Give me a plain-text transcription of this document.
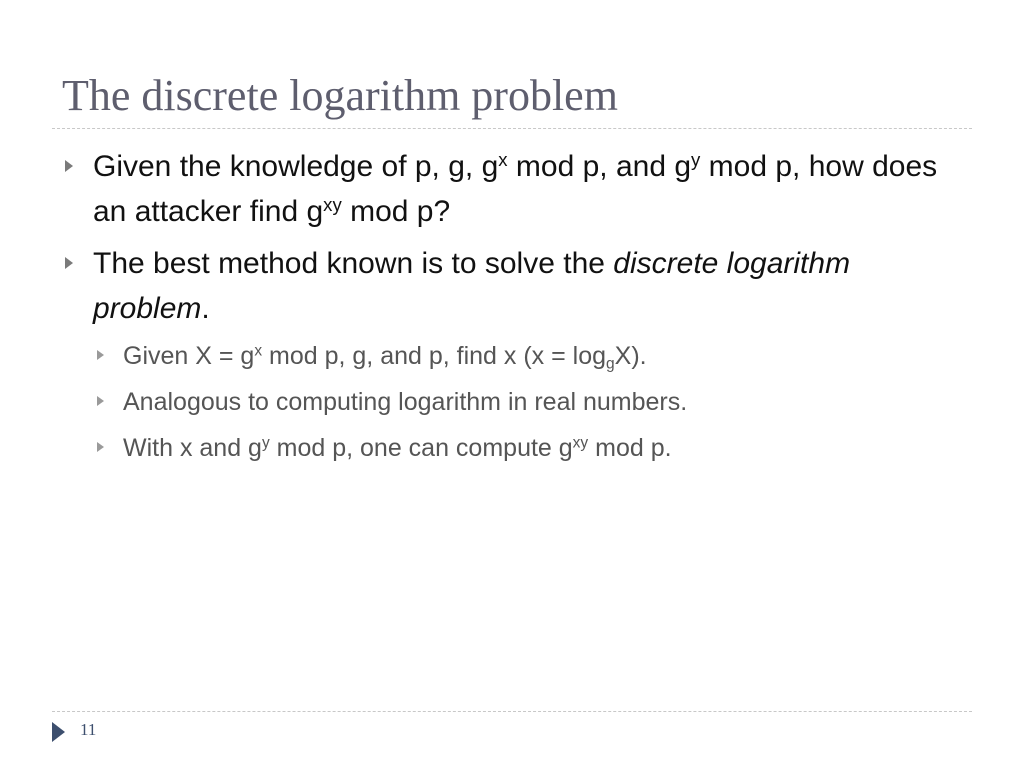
The discrete logarithm problem
Given the knowledge of p, g, $g^x$ mod p, and $g^y$ mod p, how does an attacker find $g^{xy}$ mod p?
The best method known is to solve the discrete logarithm problem.
Given $X = g^x$ mod p, g, and p, find x $(x = \log_gX)$.
Analogous to computing logarithm in real numbers.
With x and $g^y$ mod p, one can compute $g^{xy}$ mod p.
11
